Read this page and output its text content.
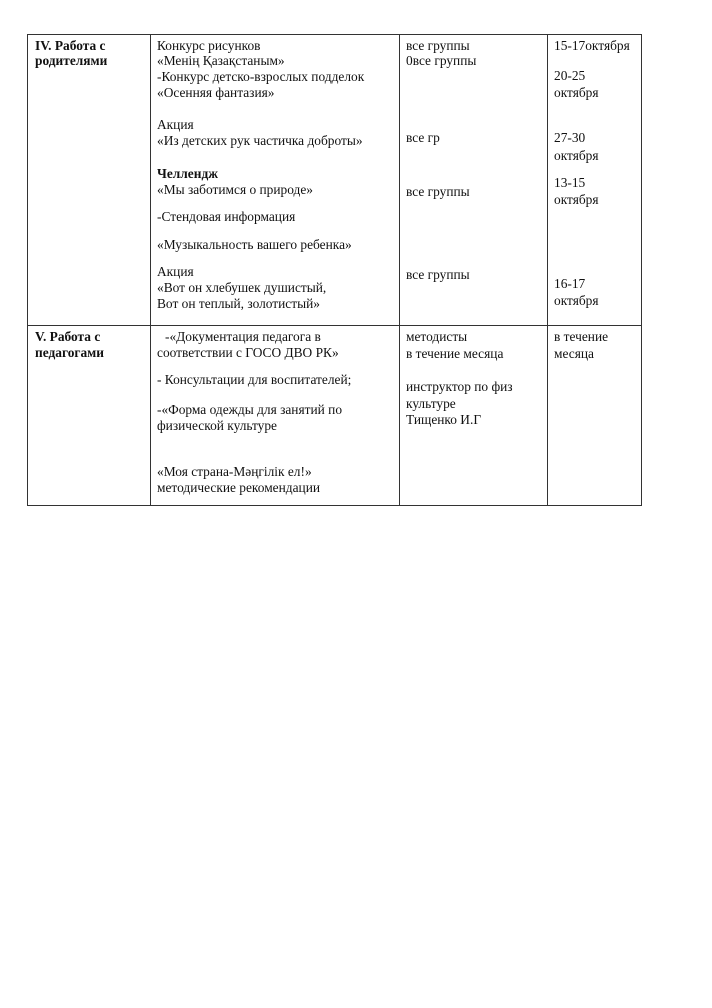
IV. Работа с
родителями
Конкурс рисунков
«Менің Қазақстаным»
-Конкурс детско-взрослых подделок
«Осенняя фантазия»
Акция
«Из детских рук частичка доброты»
Челлендж
«Мы заботимся о природе»
-Стендовая информация
«Музыкальность вашего ребенка»
Акция
«Вот он хлебушек душистый,
Вот он теплый, золотистый»
все группы
0все группы
все гр
все группы
все группы
15-17октября
20-25
октября
27-30
октября
13-15
октября
16-17
октября
V. Работа с
педагогами
-«Документация педагога в
соответствии с ГОСО ДВО РК»
- Консультации для воспитателей;
-«Форма одежды для занятий по
физической культуре
«Моя страна-Мәңгілік ел!»
методические рекомендации
методисты
в течение месяца
инструктор по физ
культуре
Тищенко И.Г
в течение
месяца
